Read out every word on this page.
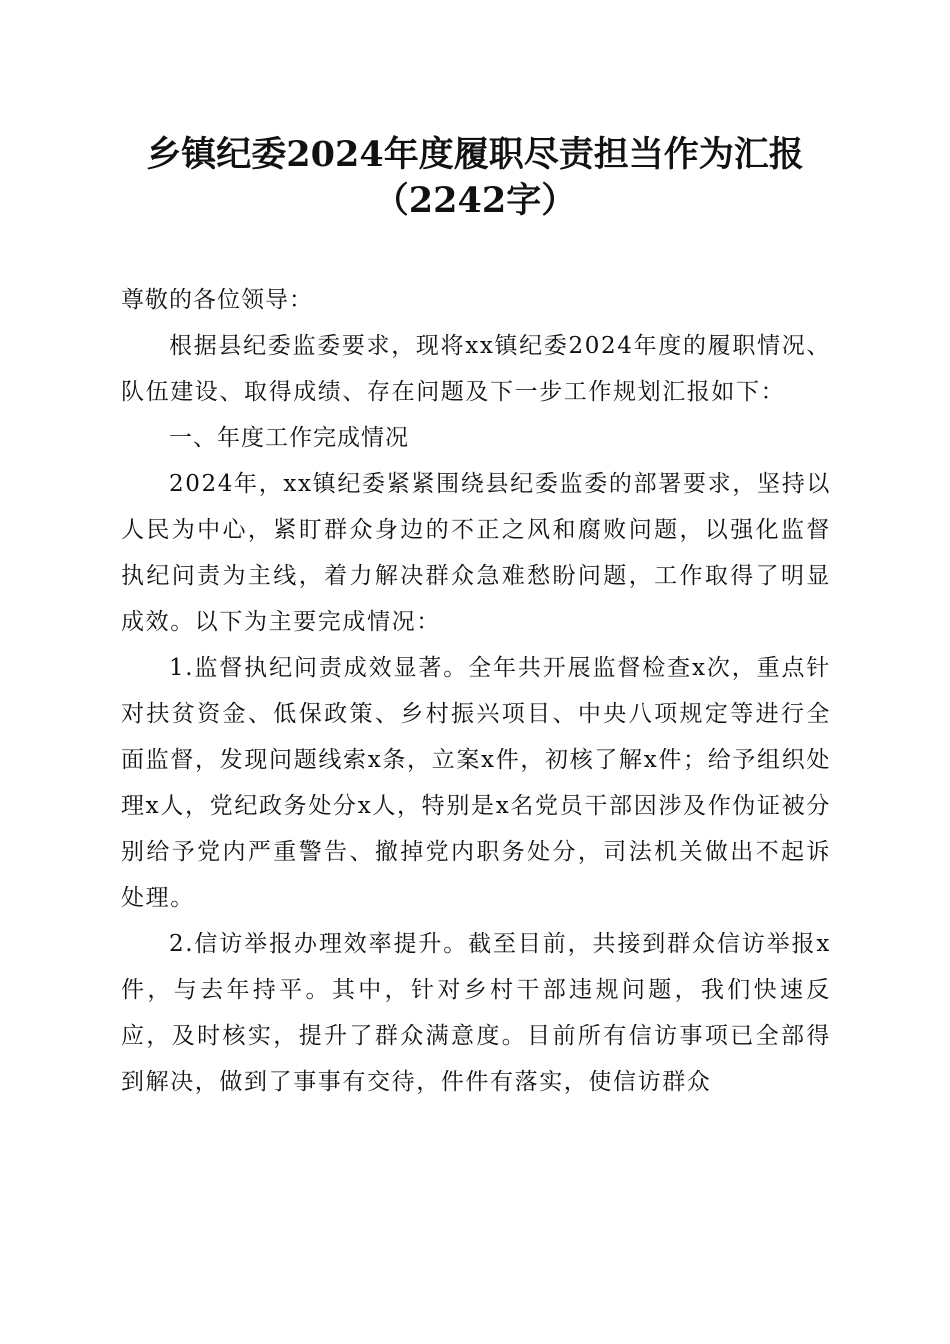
乡镇纪委2024年度履职尽责担当作为汇报
（2242字）
尊敬的各位领导：

根据县纪委监委要求，现将xx镇纪委2024年度的履职情况、队伍建设、取得成绩、存在问题及下一步工作规划汇报如下：

一、年度工作完成情况

2024年，xx镇纪委紧紧围绕县纪委监委的部署要求，坚持以人民为中心，紧盯群众身边的不正之风和腐败问题，以强化监督执纪问责为主线，着力解决群众急难愁盼问题，工作取得了明显成效。以下为主要完成情况：

1.监督执纪问责成效显著。全年共开展监督检查x次，重点针对扶贫资金、低保政策、乡村振兴项目、中央八项规定等进行全面监督，发现问题线索x条，立案x件，初核了解x件；给予组织处理x人，党纪政务处分x人，特别是x名党员干部因涉及作伪证被分别给予党内严重警告、撤掉党内职务处分，司法机关做出不起诉处理。

2.信访举报办理效率提升。截至目前，共接到群众信访举报x件，与去年持平。其中，针对乡村干部违规问题，我们快速反应，及时核实，提升了群众满意度。目前所有信访事项已全部得到解决，做到了事事有交待，件件有落实，使信访群众
